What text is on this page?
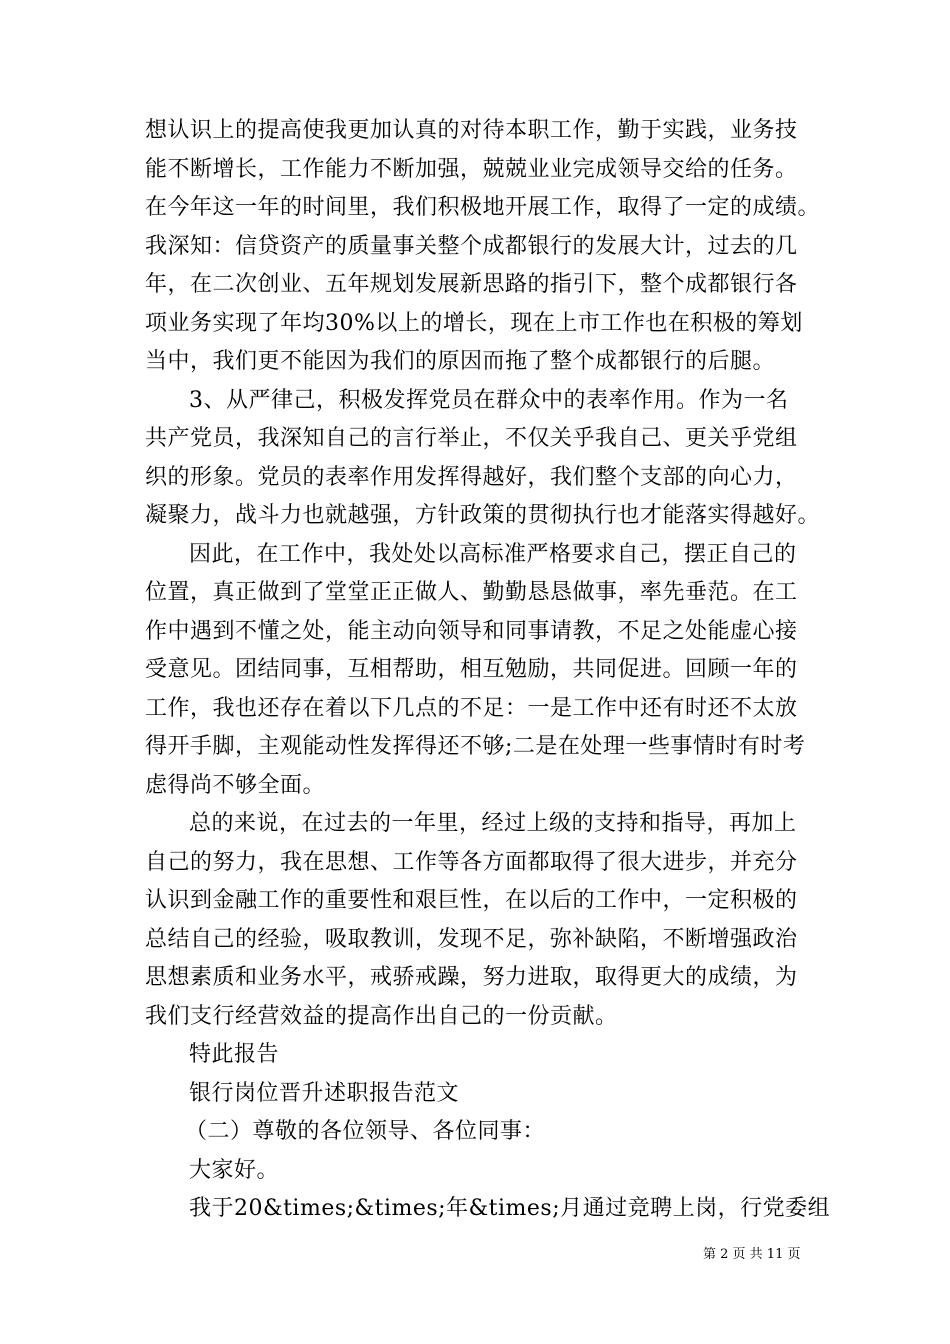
想认识上的提高使我更加认真的对待本职工作，勤于实践，业务技
能不断增长，工作能力不断加强，兢兢业业完成领导交给的任务。
在今年这一年的时间里，我们积极地开展工作，取得了一定的成绩。
我深知：信贷资产的质量事关整个成都银行的发展大计，过去的几
年，在二次创业、五年规划发展新思路的指引下，整个成都银行各
项业务实现了年均30%以上的增长，现在上市工作也在积极的筹划
当中，我们更不能因为我们的原因而拖了整个成都银行的后腿。
3、从严律己，积极发挥党员在群众中的表率作用。作为一名
共产党员，我深知自己的言行举止，不仅关乎我自己、更关乎党组
织的形象。党员的表率作用发挥得越好，我们整个支部的向心力，
凝聚力，战斗力也就越强，方针政策的贯彻执行也才能落实得越好。
因此，在工作中，我处处以高标准严格要求自己，摆正自己的
位置，真正做到了堂堂正正做人、勤勤恳恳做事，率先垂范。在工
作中遇到不懂之处，能主动向领导和同事请教，不足之处能虚心接
受意见。团结同事，互相帮助，相互勉励，共同促进。回顾一年的
工作，我也还存在着以下几点的不足：一是工作中还有时还不太放
得开手脚，主观能动性发挥得还不够;二是在处理一些事情时有时考
虑得尚不够全面。
总的来说，在过去的一年里，经过上级的支持和指导，再加上
自己的努力，我在思想、工作等各方面都取得了很大进步，并充分
认识到金融工作的重要性和艰巨性，在以后的工作中，一定积极的
总结自己的经验，吸取教训，发现不足，弥补缺陷，不断增强政治
思想素质和业务水平，戒骄戒躁，努力进取，取得更大的成绩，为
我们支行经营效益的提高作出自己的一份贡献。
特此报告
银行岗位晋升述职报告范文
（二）尊敬的各位领导、各位同事：
大家好。
我于20&times;&times;年&times;月通过竞聘上岗，行党委组
第 2 页 共 11 页
